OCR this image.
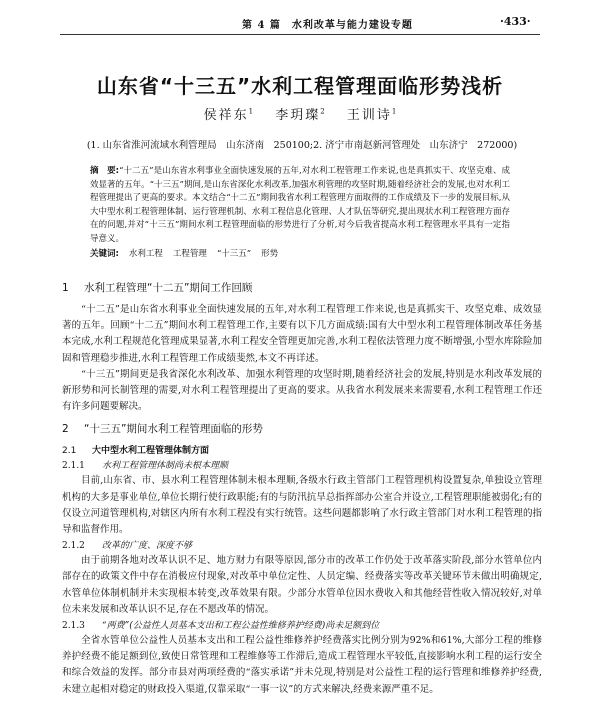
第 4 篇　水利改革与能力建设专题	·433·
山东省“十三五”水利工程管理面临形势浅析
侯祥东$^1$ 李玥璨$^2$ 王训诗$^1$
(1. 山东省淮河流域水利管理局　山东济南　250100;2. 济宁市南赵新河管理处　山东济宁　272000)
摘　要:“十二五”是山东省水利事业全面快速发展的五年,对水利工程管理工作来说,也是真抓实干、攻坚克难、成效显著的五年。“十三五”期间,是山东省深化水利改革,加强水利管理的攻坚时期,随着经济社会的发展,也对水利工程管理提出了更高的要求。本文结合“十二五”期间我省水利工程管理方面取得的工作成绩及下一步的发展目标,从大中型水利工程管理体制、运行管理机制、水利工程信息化管理、人才队伍等研究,提出现状水利工程管理方面存在的问题,并对“十三五”期间水利工程管理面临的形势进行了分析,对今后我省提高水利工程管理水平具有一定指导意义。
关键词: 水利工程 工程管理 “十三五” 形势
1 水利工程管理“十二五”期间工作回顾

“十二五”是山东省水利事业全面快速发展的五年,对水利工程管理工作来说,也是真抓实干、攻坚克难、成效显著的五年。回顾“十二五”期间水利工程管理工作,主要有以下几方面成绩:国有大中型水利工程管理体制改革任务基本完成,水利工程规范化管理成果显著,水利工程安全管理更加完善,水利工程依法管理力度不断增强,小型水库除险加固和管理稳步推进,水利工程管理工作成绩斐然,本文不再详述。

“十三五”期间更是我省深化水利改革、加强水利管理的攻坚时期,随着经济社会的发展,特别是水利改革发展的新形势和河长制管理的需要,对水利工程管理提出了更高的要求。从我省水利发展来来需要看,水利工程管理工作还有许多问题要解决。

2 “十三五”期间水利工程管理面临的形势
2.1 大中型水利工程管理体制方面
2.1.1 水利工程管理体制尚未根本理顺

目前,山东省、市、县水利工程管理体制未根本理顺,各级水行政主管部门工程管理机构设置复杂,单独设立管理机构的大多是事业单位,单位长期行使行政职能;有的与防汛抗旱总指挥部办公室合并设立,工程管理职能被弱化;有的仅设立河道管理机构,对辖区内所有水利工程没有实行统管。这些问题都影响了水行政主管部门对水利工程管理的指导和监督作用。

2.1.2 改革的广度、深度不够

由于前期各地对改革认识不足、地方财力有限等原因,部分市的改革工作仍处于改革落实阶段,部分水管单位内部存在的政策文件中存在消极应付现象,对改革中单位定性、人员定编、经费落实等改革关键环节未做出明确规定,水管单位体制机制并未实现根本转变,改革效果有限。少部分水管单位因水费收入和其他经营性收入情况较好,对单位未来发展和改革认识不足,存在不愿改革的情况。

2.1.3 “两费”(公益性人员基本支出和工程公益性维修养护经费)尚未足额到位

全省水管单位公益性人员基本支出和工程公益性维修养护经费落实比例分别为92%和61%,大部分工程的维修养护经费不能足额到位,致使日常管理和工程维修等工作滞后,造成工程管理水平较低,直接影响水利工程的运行安全和综合效益的发挥。部分市县对两项经费的“落实承诺”并未兑现,特别是对公益性工程的运行管理和维修养护经费,未建立起相对稳定的财政投入渠道,仅靠采取“一事一议”的方式来解决,经费来源严重不足。
